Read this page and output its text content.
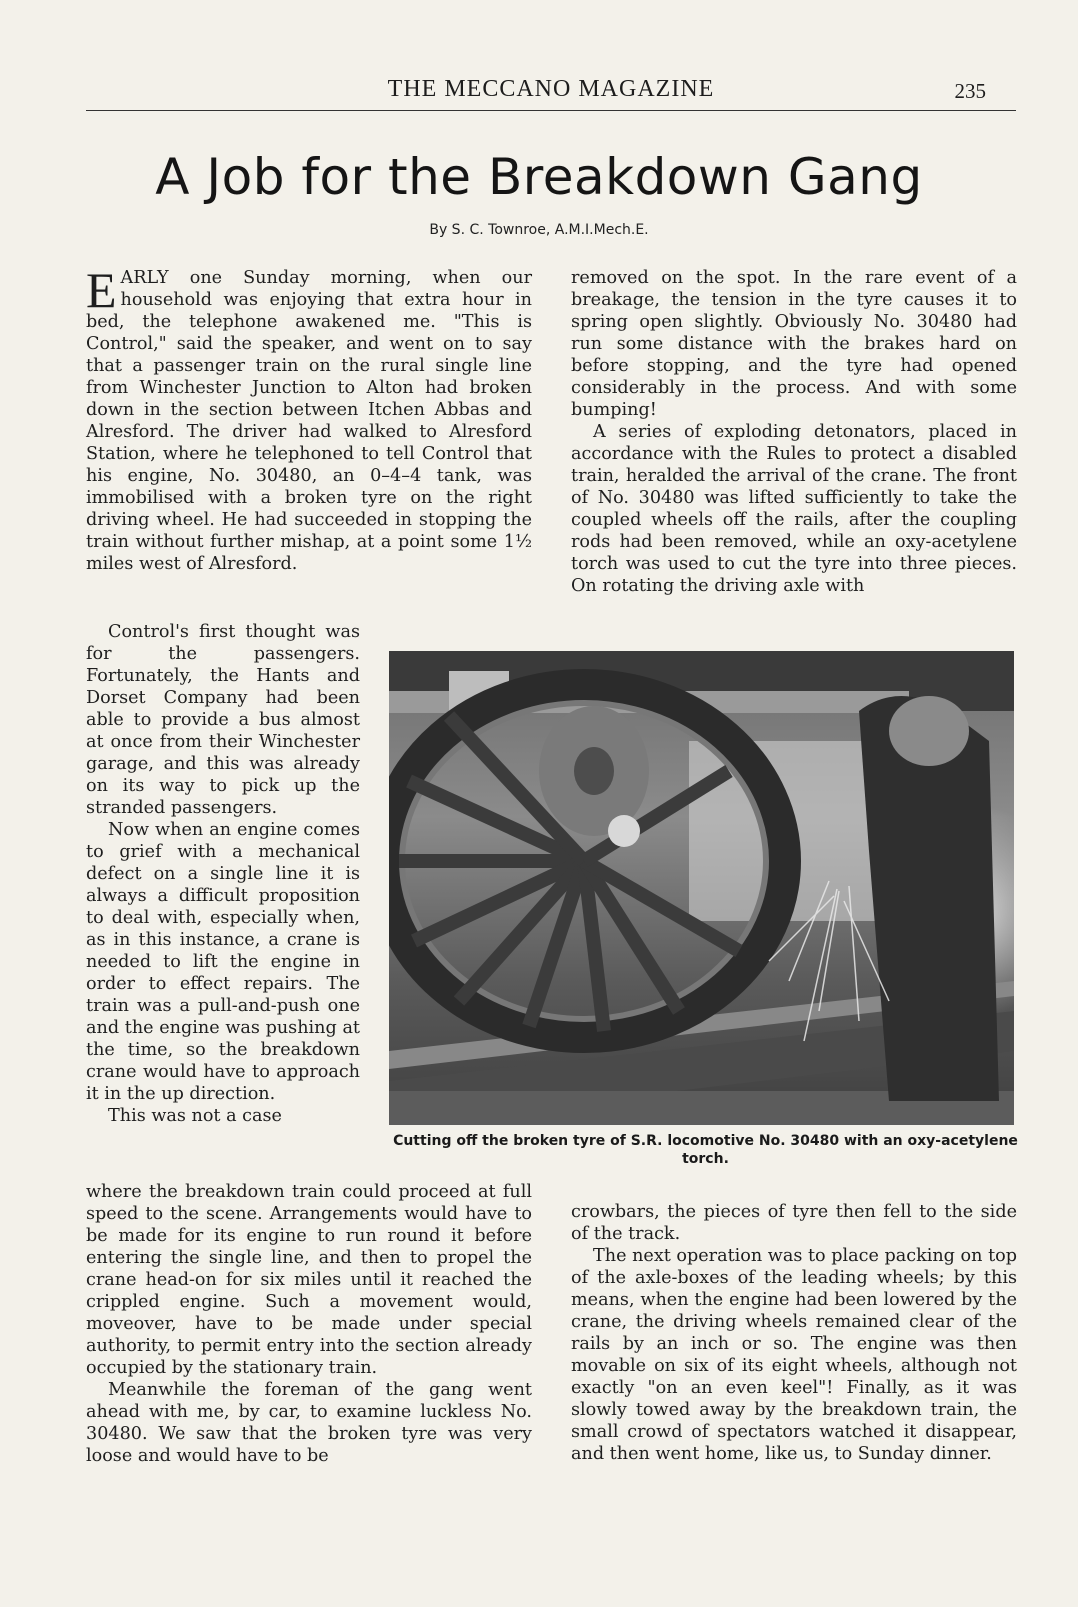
THE MECCANO MAGAZINE	235
A Job for the Breakdown Gang
By S. C. Townroe, A.M.I.Mech.E.

EARLY one Sunday morning, when our household was enjoying that extra hour in bed, the telephone awakened me. "This is Control," said the speaker, and went on to say that a passenger train on the rural single line from Winchester Junction to Alton had broken down in the section between Itchen Abbas and Alresford. The driver had walked to Alresford Station, where he telephoned to tell Control that his engine, No. 30480, an 0–4–4 tank, was immobilised with a broken tyre on the right driving wheel. He had succeeded in stopping the train without further mishap, at a point some 1½ miles west of Alresford.

Control's first thought was for the passengers. Fortunately, the Hants and Dorset Company had been able to provide a bus almost at once from their Winchester garage, and this was already on its way to pick up the stranded passengers.

Now when an engine comes to grief with a mechanical defect on a single line it is always a difficult proposition to deal with, especially when, as in this instance, a crane is needed to lift the engine in order to effect repairs. The train was a pull-and-push one and the engine was pushing at the time, so the breakdown crane would have to approach it in the up direction.

This was not a case

where the breakdown train could proceed at full speed to the scene. Arrangements would have to be made for its engine to run round it before entering the single line, and then to propel the crane head-on for six miles until it reached the crippled engine. Such a movement would, moveover, have to be made under special authority, to permit entry into the section already occupied by the stationary train.

Meanwhile the foreman of the gang went ahead with me, by car, to examine luckless No. 30480. We saw that the broken tyre was very loose and would have to be

removed on the spot. In the rare event of a breakage, the tension in the tyre causes it to spring open slightly. Obviously No. 30480 had run some distance with the brakes hard on before stopping, and the tyre had opened considerably in the process. And with some bumping!

A series of exploding detonators, placed in accordance with the Rules to protect a disabled train, heralded the arrival of the crane. The front of No. 30480 was lifted sufficiently to take the coupled wheels off the rails, after the coupling rods had been removed, while an oxy-acetylene torch was used to cut the tyre into three pieces. On rotating the driving axle with

Cutting off the broken tyre of S.R. locomotive No. 30480 with an oxy-acetylene torch.

crowbars, the pieces of tyre then fell to the side of the track.

The next operation was to place packing on top of the axle-boxes of the leading wheels; by this means, when the engine had been lowered by the crane, the driving wheels remained clear of the rails by an inch or so. The engine was then movable on six of its eight wheels, although not exactly "on an even keel"! Finally, as it was slowly towed away by the breakdown train, the small crowd of spectators watched it disappear, and then went home, like us, to Sunday dinner.
